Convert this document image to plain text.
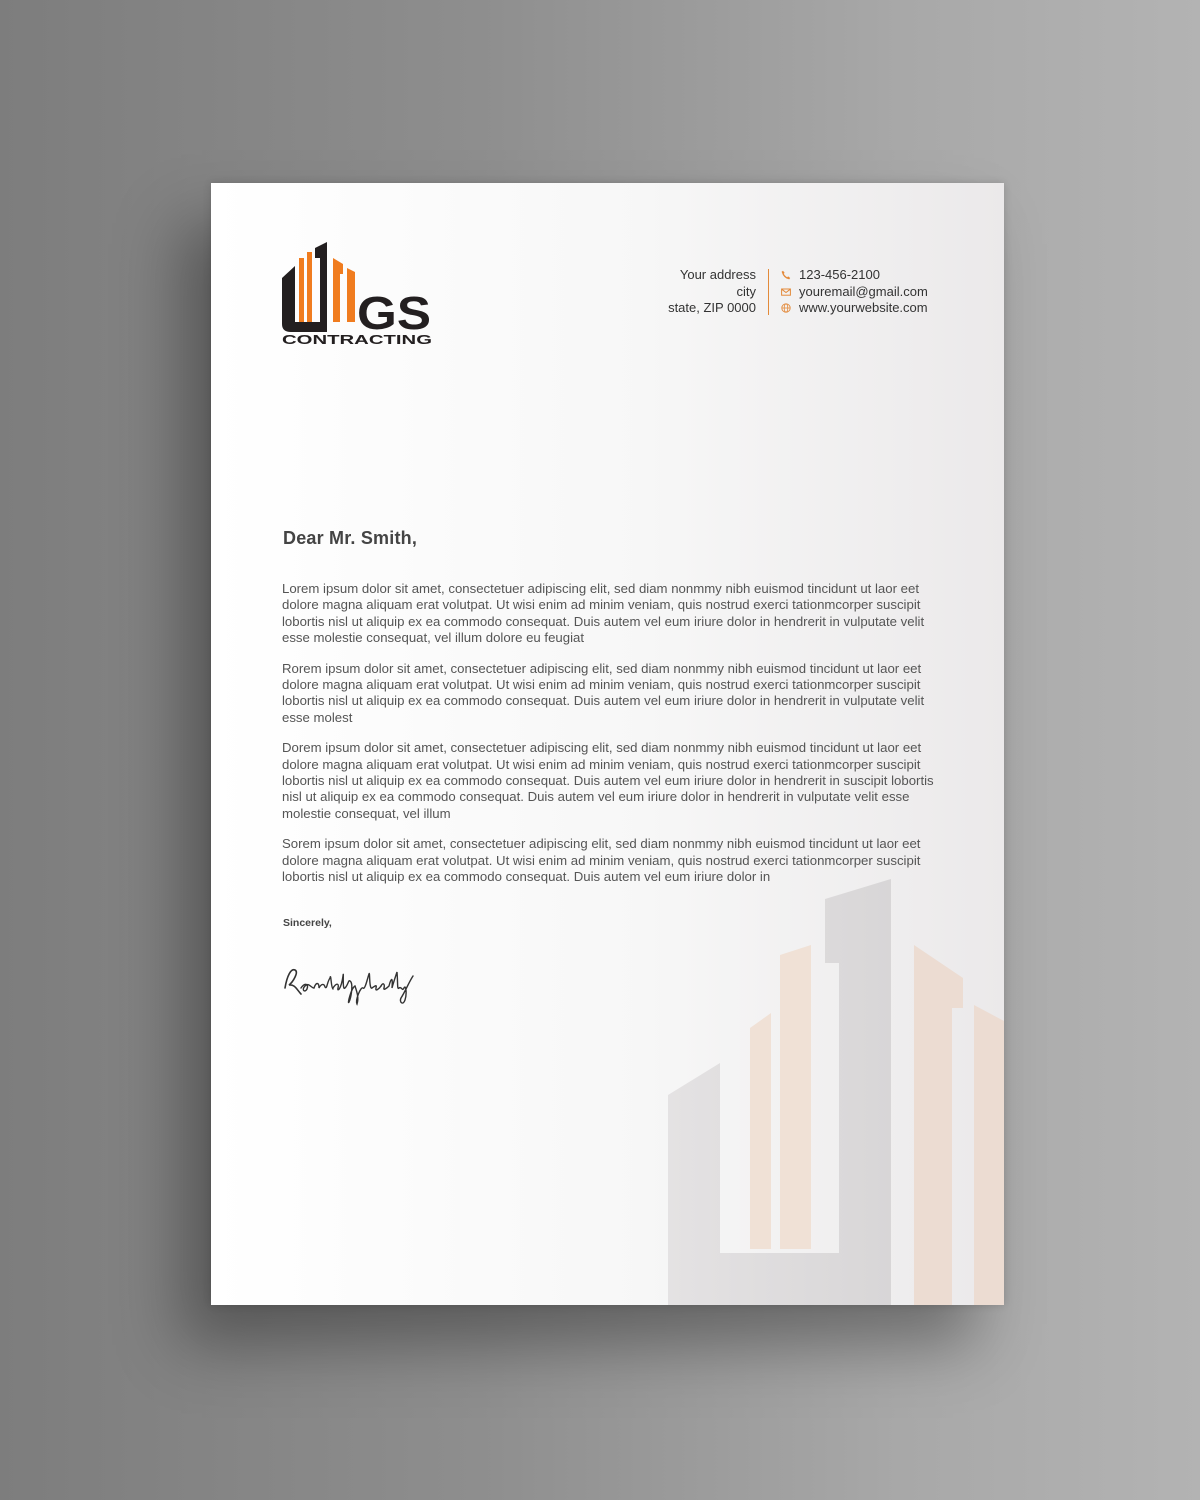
GS
CONTRACTING
Your address
city
state, ZIP 0000
123-456-2100
youremail@gmail.com
www.yourwebsite.com
Dear Mr. Smith,

Lorem ipsum dolor sit amet, consectetuer adipiscing elit, sed diam nonmmy nibh euismod tincidunt ut laor eet dolore magna aliquam erat volutpat. Ut wisi enim ad minim veniam, quis nostrud exerci tationmcorper suscipit lobortis nisl ut aliquip ex ea commodo consequat. Duis autem vel eum iriure dolor in hendrerit in vulputate velit esse molestie consequat, vel illum dolore eu feugiat

Rorem ipsum dolor sit amet, consectetuer adipiscing elit, sed diam nonmmy nibh euismod tincidunt ut laor eet dolore magna aliquam erat volutpat. Ut wisi enim ad minim veniam, quis nostrud exerci tationmcorper suscipit lobortis nisl ut aliquip ex ea commodo consequat. Duis autem vel eum iriure dolor in hendrerit in vulputate velit esse molest

Dorem ipsum dolor sit amet, consectetuer adipiscing elit, sed diam nonmmy nibh euismod tincidunt ut laor eet dolore magna aliquam erat volutpat. Ut wisi enim ad minim veniam, quis nostrud exerci tationmcorper suscipit lobortis nisl ut aliquip ex ea commodo consequat. Duis autem vel eum iriure dolor in hendrerit in suscipit lobortis nisl ut aliquip ex ea commodo consequat. Duis autem vel eum iriure dolor in hendrerit in vulputate velit esse molestie consequat, vel illum

Sorem ipsum dolor sit amet, consectetuer adipiscing elit, sed diam nonmmy nibh euismod tincidunt ut laor eet dolore magna aliquam erat volutpat. Ut wisi enim ad minim veniam, quis nostrud exerci tationmcorper suscipit lobortis nisl ut aliquip ex ea commodo consequat. Duis autem vel eum iriure dolor in

Sincerely,
